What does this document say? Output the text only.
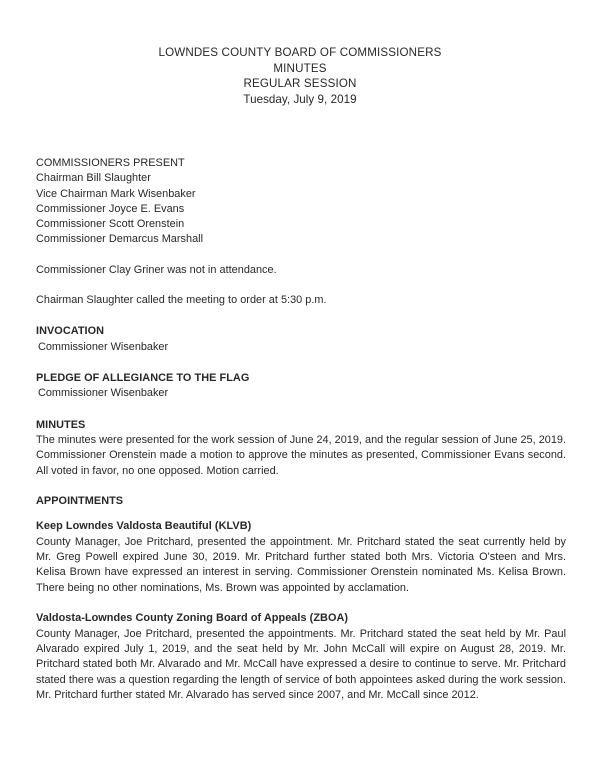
LOWNDES COUNTY BOARD OF COMMISSIONERS
MINUTES
REGULAR SESSION
Tuesday, July 9, 2019
COMMISSIONERS PRESENT
Chairman Bill Slaughter
Vice Chairman Mark Wisenbaker
Commissioner Joyce E. Evans
Commissioner Scott Orenstein
Commissioner Demarcus Marshall
Commissioner Clay Griner was not in attendance.
Chairman Slaughter called the meeting to order at 5:30 p.m.
INVOCATION
Commissioner Wisenbaker
PLEDGE OF ALLEGIANCE TO THE FLAG
Commissioner Wisenbaker
MINUTES

The minutes were presented for the work session of June 24, 2019, and the regular session of June 25, 2019. Commissioner Orenstein made a motion to approve the minutes as presented, Commissioner Evans second. All voted in favor, no one opposed. Motion carried.

APPOINTMENTS
Keep Lowndes Valdosta Beautiful (KLVB)

County Manager, Joe Pritchard, presented the appointment. Mr. Pritchard stated the seat currently held by Mr. Greg Powell expired June 30, 2019. Mr. Pritchard further stated both Mrs. Victoria O'steen and Mrs. Kelisa Brown have expressed an interest in serving. Commissioner Orenstein nominated Ms. Kelisa Brown. There being no other nominations, Ms. Brown was appointed by acclamation.

Valdosta-Lowndes County Zoning Board of Appeals (ZBOA)

County Manager, Joe Pritchard, presented the appointments. Mr. Pritchard stated the seat held by Mr. Paul Alvarado expired July 1, 2019, and the seat held by Mr. John McCall will expire on August 28, 2019. Mr. Pritchard stated both Mr. Alvarado and Mr. McCall have expressed a desire to continue to serve. Mr. Pritchard stated there was a question regarding the length of service of both appointees asked during the work session. Mr. Pritchard further stated Mr. Alvarado has served since 2007, and Mr. McCall since 2012.
